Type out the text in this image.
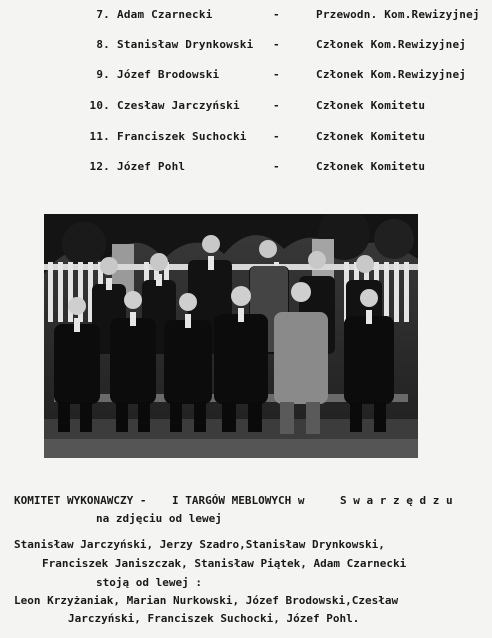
7. Adam Czarnecki	-	Przewodn. Kom.Rewizyjnej
8. Stanisław Drynkowski -	Członek Kom.Rewizyjnej
9. Józef Brodowski	-	Członek Kom.Rewizyjnej
10. Czesław Jarczyński	-	Członek Komitetu
11. Franciszek Suchocki -	Członek Komitetu
12. Józef Pohl	-	Członek Komitetu
KOMITET WYKONAWCZY - I TARGÓW MEBLOWYCH w	S w a r z ę d z u
na zdjęciu od lewej
Stanisław Jarczyński, Jerzy Szadro,Stanisław Drynkowski,
Franciszek Janiszczak, Stanisław Piątek, Adam Czarnecki
stoją od lewej :
Leon Krzyżaniak, Marian Nurkowski, Józef Brodowski,Czesław
Jarczyński, Franciszek Suchocki, Józef Pohl.
